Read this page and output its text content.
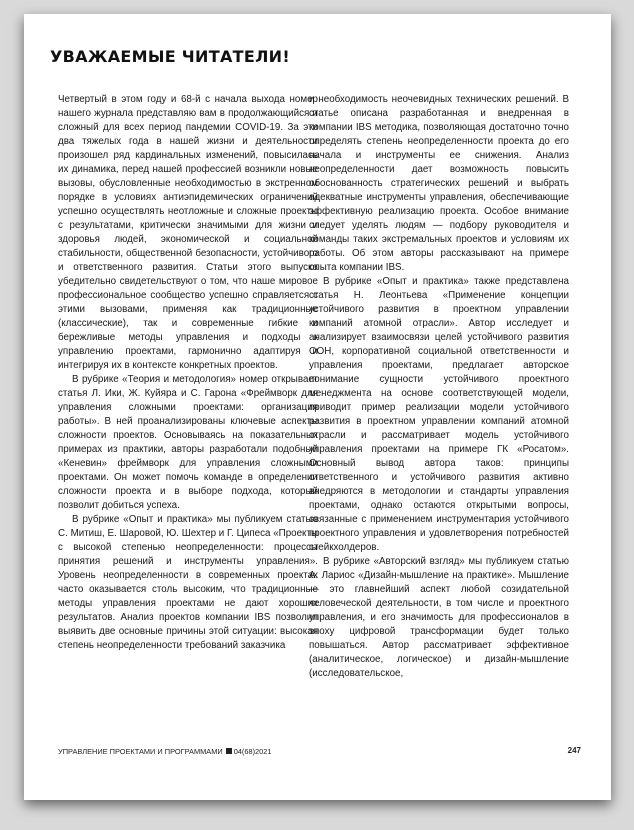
УВАЖАЕМЫЕ ЧИТАТЕЛИ!

Четвертый в этом году и 68-й с начала выхода номер нашего журнала представляю вам в продолжающийся и сложный для всех период пандемии COVID-19. За эти два тяжелых года в нашей жизни и деятельности произошел ряд кардинальных изменений, повысилась их динамика, перед нашей профессией возникли новые вызовы, обусловленные необходимостью в экстренном порядке в условиях антиэпидемических ограничений успешно осуществлять неотложные и сложные проекты с результатами, критически значимыми для жизни и здоровья людей, экономической и социальной стабильности, общественной безопасности, устойчивого и ответственного развития. Статьи этого выпуска убедительно свидетельствуют о том, что наше мировое профессиональное сообщество успешно справляется с этими вызовами, применяя как традиционные (классические), так и современные гибкие и бережливые методы управления и подходы к управлению проектами, гармонично адаптируя и интегрируя их в контексте конкретных проектов.

В рубрике «Теория и методология» номер открывает статья Л. Ики, Ж. Куйяра и С. Гарона «Фреймворк для управления сложными проектами: организация работы». В ней проанализированы ключевые аспекты сложности проектов. Основываясь на показательных примерах из практики, авторы разработали подобный «Кеневин» фреймворк для управления сложными проектами. Он может помочь команде в определении сложности проекта и в выборе подхода, который позволит добиться успеха.

В рубрике «Опыт и практика» мы публикуем статью С. Митиш, Е. Шаровой, Ю. Шехтер и Г. Ципеса «Проекты с высокой степенью неопределенности: процессы принятия решений и инструменты управления». Уровень неопределенности в современных проектах часто оказывается столь высоким, что традиционные методы управления проектами не дают хороших результатов. Анализ проектов компании IBS позволил выявить две основные причины этой ситуации: высокая степень неопределенности требований заказчика

и необходимость неочевидных технических решений. В статье описана разработанная и внедренная в компании IBS методика, позволяющая достаточно точно определять степень неопределенности проекта до его начала и инструменты ее снижения. Анализ неопределенности дает возможность повысить обоснованность стратегических решений и выбрать адекватные инструменты управления, обеспечивающие эффективную реализацию проекта. Особое внимание следует уделять людям — подбору руководителя и команды таких экстремальных проектов и условиям их работы. Об этом авторы рассказывают на примере опыта компании IBS.

В рубрике «Опыт и практика» также представлена статья Н. Леонтьева «Применение концепции устойчивого развития в проектном управлении компаний атомной отрасли». Автор исследует и анализирует взаимосвязи целей устойчивого развития ООН, корпоративной социальной ответственности и управления проектами, предлагает авторское понимание сущности устойчивого проектного менеджмента на основе соответствующей модели, приводит пример реализации модели устойчивого развития в проектном управлении компаний атомной отрасли и рассматривает модель устойчивого управления проектами на примере ГК «Росатом». Основный вывод автора таков: принципы ответственного и устойчивого развития активно внедряются в методологии и стандарты управления проектами, однако остаются открытыми вопросы, связанные с применением инструментария устойчивого проектного управления и удовлетворения потребностей стейкхолдеров.

В рубрике «Авторский взгляд» мы публикуем статью А. Лариос «Дизайн-мышление на практике». Мышление — это главнейший аспект любой созидательной человеческой деятельности, в том числе и проектного управления, и его значимость для профессионалов в эпоху цифровой трансформации будет только повышаться. Автор рассматривает эффективное (аналитическое, логическое) и дизайн-мышление (исследовательское,

УПРАВЛЕНИЕ ПРОЕКТАМИ И ПРОГРАММАМИ 04(68)2021	247
